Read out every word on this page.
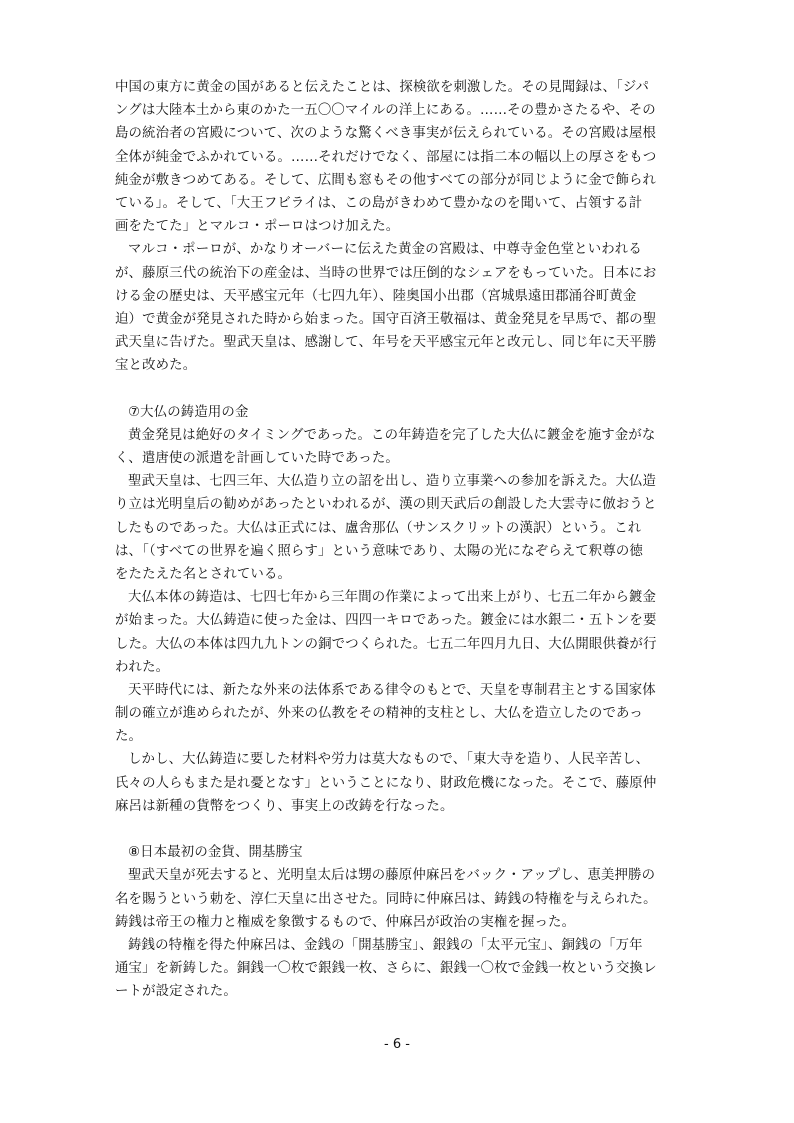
中国の東方に黄金の国があると伝えたことは、探検欲を刺激した。その見聞録は、「ジパ
ングは大陸本土から東のかた一五〇〇マイルの洋上にある。……その豊かさたるや、その
島の統治者の宮殿について、次のような驚くべき事実が伝えられている。その宮殿は屋根
全体が純金でふかれている。……それだけでなく、部屋には指二本の幅以上の厚さをもつ
純金が敷きつめてある。そして、広間も窓もその他すべての部分が同じように金で飾られ
ている」。そして、「大王フビライは、この島がきわめて豊かなのを聞いて、占領する計
画をたてた」とマルコ・ポーロはつけ加えた。
マルコ・ポーロが、かなりオーバーに伝えた黄金の宮殿は、中尊寺金色堂といわれる
が、藤原三代の統治下の産金は、当時の世界では圧倒的なシェアをもっていた。日本にお
ける金の歴史は、天平感宝元年（七四九年）、陸奥国小出郡（宮城県遠田郡涌谷町黄金
迫）で黄金が発見された時から始まった。国守百済王敬福は、黄金発見を早馬で、都の聖
武天皇に告げた。聖武天皇は、感謝して、年号を天平感宝元年と改元し、同じ年に天平勝
宝と改めた。
⑦大仏の鋳造用の金
黄金発見は絶好のタイミングであった。この年鋳造を完了した大仏に鍍金を施す金がな
く、遣唐使の派遣を計画していた時であった。
聖武天皇は、七四三年、大仏造り立の詔を出し、造り立事業への参加を訴えた。大仏造
り立は光明皇后の勧めがあったといわれるが、漢の則天武后の創設した大雲寺に倣おうと
したものであった。大仏は正式には、盧舎那仏（サンスクリットの漢訳）という。これ
は、「（すべての世界を遍く照らす」という意味であり、太陽の光になぞらえて釈尊の徳
をたたえた名とされている。
大仏本体の鋳造は、七四七年から三年間の作業によって出来上がり、七五二年から鍍金
が始まった。大仏鋳造に使った金は、四四一キロであった。鍍金には水銀二・五トンを要
した。大仏の本体は四九九トンの銅でつくられた。七五二年四月九日、大仏開眼供養が行
われた。
天平時代には、新たな外来の法体系である律令のもとで、天皇を専制君主とする国家体
制の確立が進められたが、外来の仏教をその精神的支柱とし、大仏を造立したのであっ
た。
しかし、大仏鋳造に要した材料や労力は莫大なもので、「東大寺を造り、人民辛苦し、
氏々の人らもまた是れ憂となす」ということになり、財政危機になった。そこで、藤原仲
麻呂は新種の貨幣をつくり、事実上の改鋳を行なった。
⑧日本最初の金貨、開基勝宝
聖武天皇が死去すると、光明皇太后は甥の藤原仲麻呂をバック・アップし、恵美押勝の
名を賜うという勅を、淳仁天皇に出させた。同時に仲麻呂は、鋳銭の特権を与えられた。
鋳銭は帝王の権力と権威を象徴するもので、仲麻呂が政治の実権を握った。
鋳銭の特権を得た仲麻呂は、金銭の「開基勝宝」、銀銭の「太平元宝」、銅銭の「万年
通宝」を新鋳した。銅銭一〇枚で銀銭一枚、さらに、銀銭一〇枚で金銭一枚という交換レ
ートが設定された。
- 6 -
